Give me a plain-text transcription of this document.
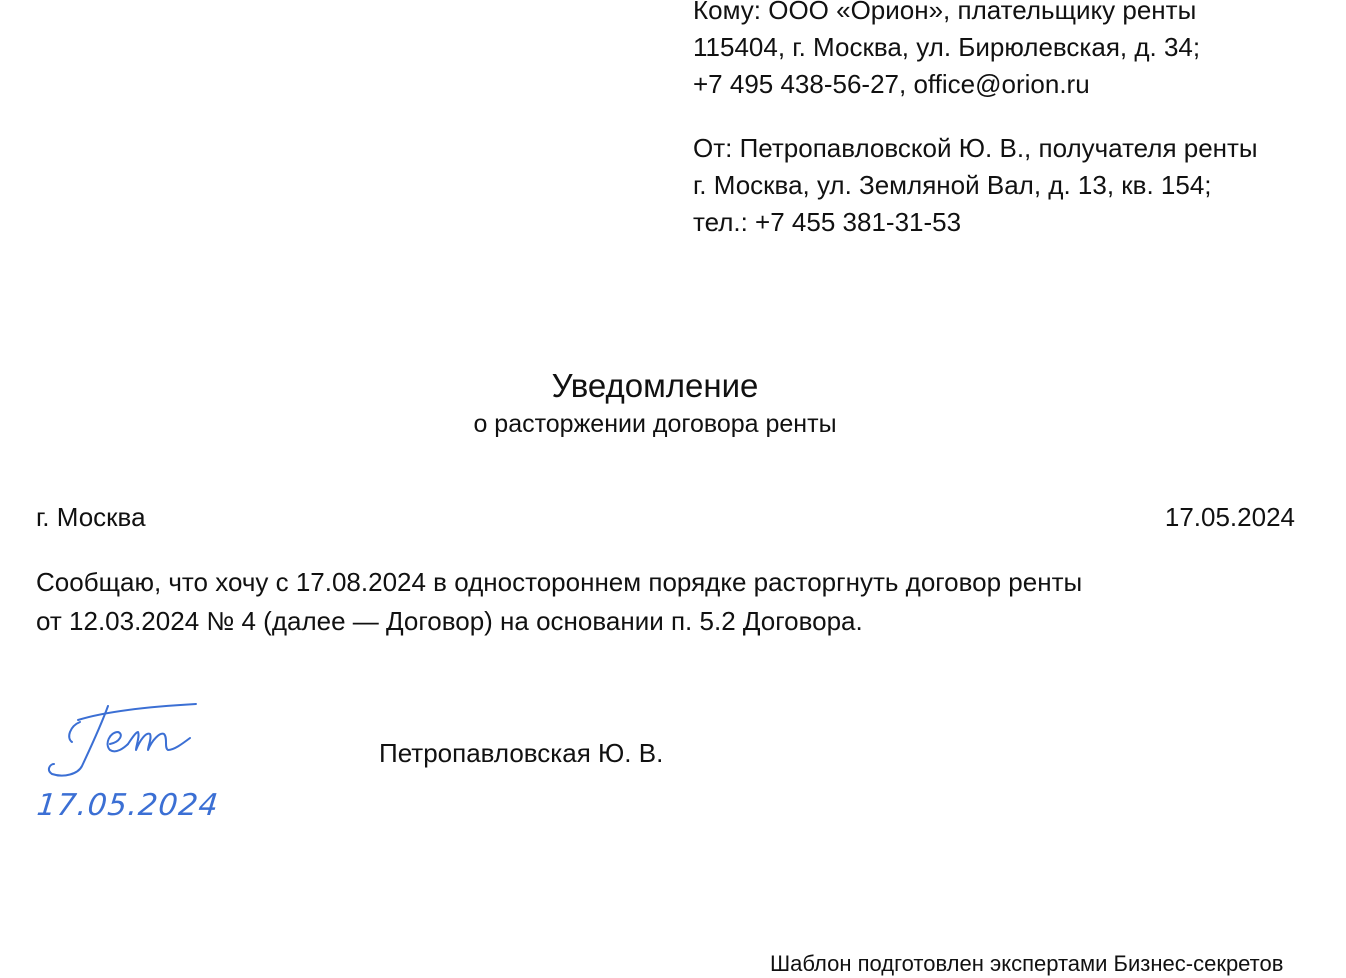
Кому: ООО «Орион», плательщику ренты
115404, г. Москва, ул. Бирюлевская, д. 34;
+7 495 438-56-27, office@orion.ru
От: Петропавловской Ю. В., получателя ренты
г. Москва, ул. Земляной Вал, д. 13, кв. 154;
тел.: +7 455 381-31-53
Уведомление
о расторжении договора ренты
г. Москва	17.05.2024
Сообщаю, что хочу с 17.08.2024 в одностороннем порядке расторгнуть договор ренты
от 12.03.2024 № 4 (далее — Договор) на основании п. 5.2 Договора.
17.05.2024
Петропавловская Ю. В.
Шаблон подготовлен экспертами Бизнес-секретов
